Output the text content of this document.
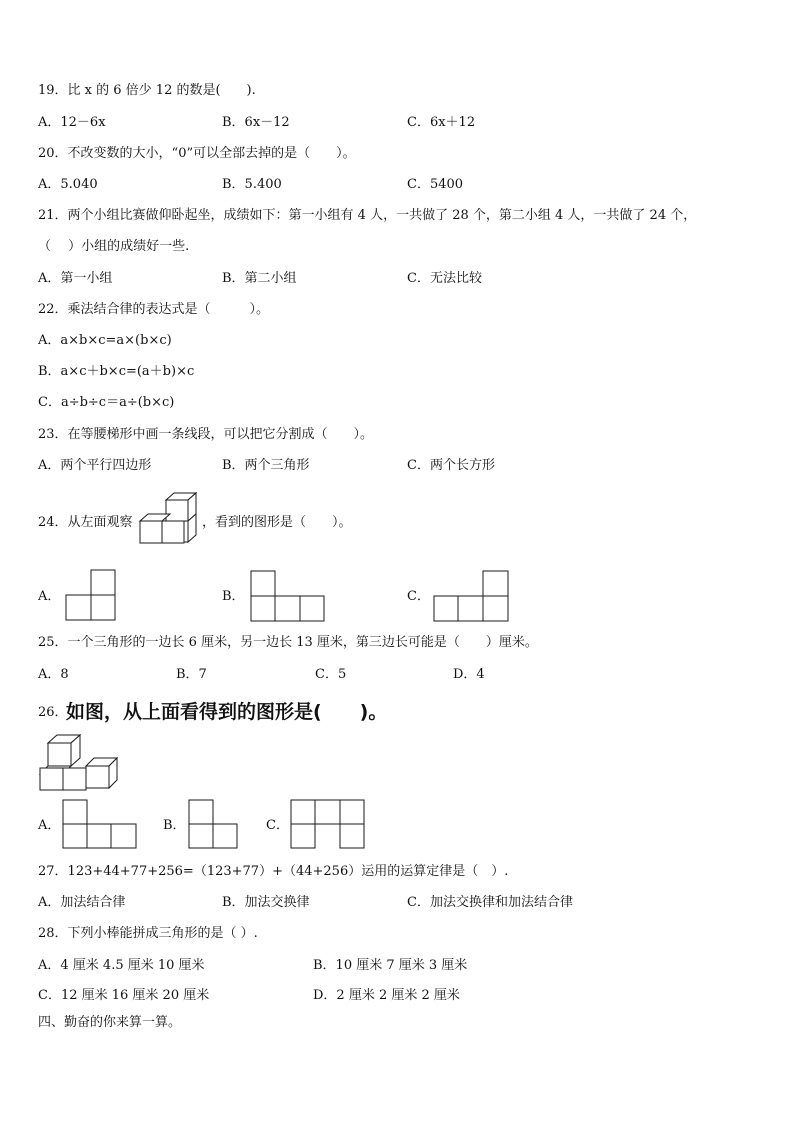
19．比 x 的 6 倍少 12 的数是(　　).
A．12－6x	B．6x－12	C．6x＋12
20．不改变数的大小，“0”可以全部去掉的是（　　）。
A．5.040	B．5.400	C．5400
21．两个小组比赛做仰卧起坐，成绩如下：第一小组有 4 人，一共做了 28 个，第二小组 4 人，一共做了 24 个，
（　 ）小组的成绩好一些.
A．第一小组	B．第二小组	C．无法比较
22．乘法结合律的表达式是（　　　）。
A．a×b×c=a×(b×c)
B．a×c＋b×c=(a＋b)×c
C．a÷b÷c＝a÷(b×c)
23．在等腰梯形中画一条线段，可以把它分割成（　　）。
A．两个平行四边形	B．两个三角形	C．两个长方形
24．从左面观察	，看到的图形是（　　）。
A．	B．	C．
25．一个三角形的一边长 6 厘米，另一边长 13 厘米，第三边长可能是（　　）厘米。
A．8	B．7	C．5	D．4
26．
如图，从上面看得到的图形是(　　)。
A．	B．	C．
27．123+44+77+256=（123+77）+（44+256）运用的运算定律是（　）.
A．加法结合律	B．加法交换律	C．加法交换律和加法结合律
28．下列小棒能拼成三角形的是（ ）.
A．4 厘米 4.5 厘米 10 厘米	B．10 厘米 7 厘米 3 厘米
C．12 厘米 16 厘米 20 厘米	D．2 厘米 2 厘米 2 厘米
四、勤奋的你来算一算。
